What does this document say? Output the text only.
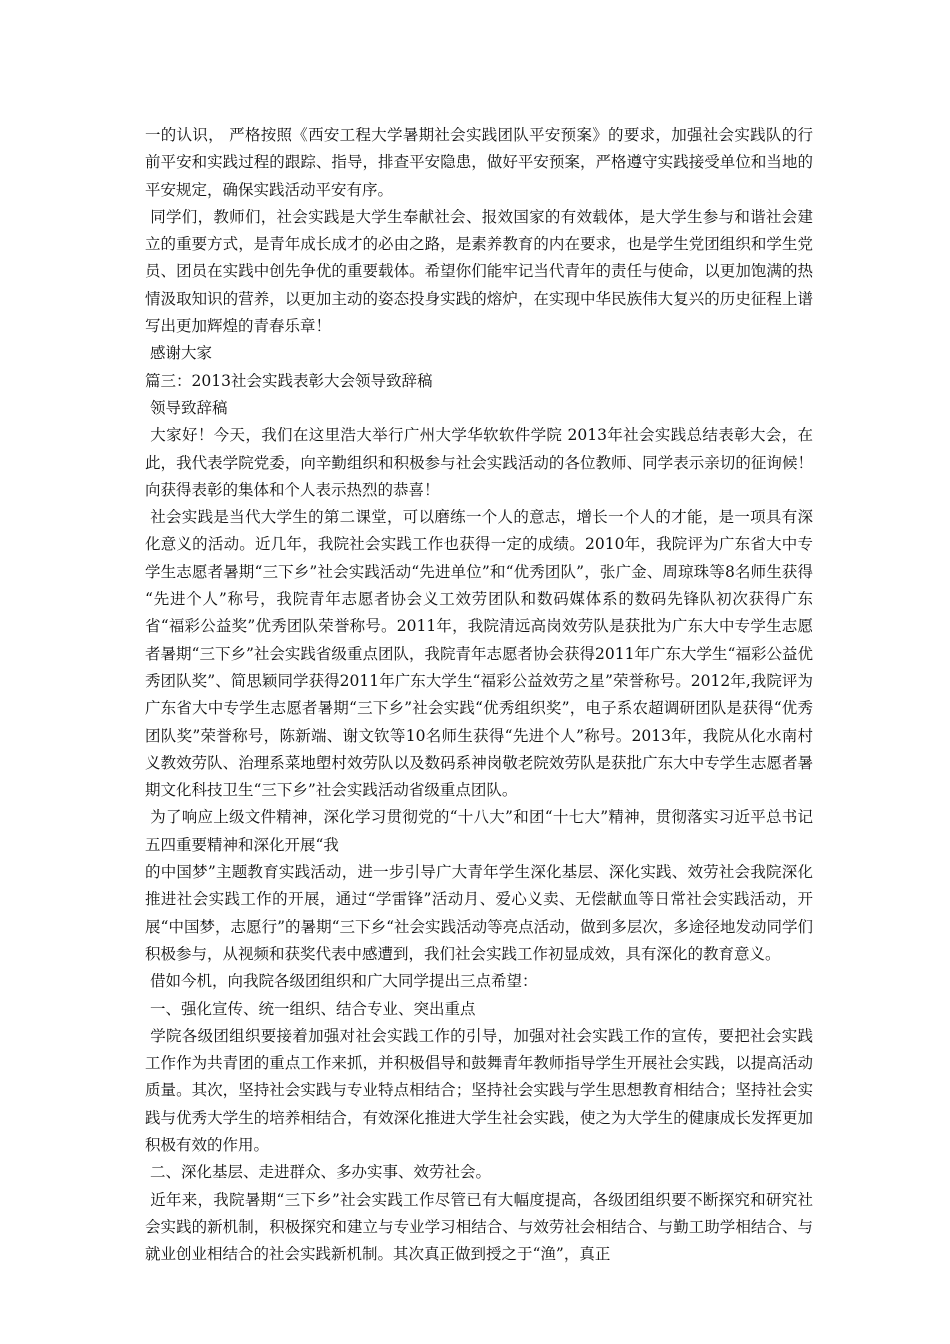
一的认识， 严格按照《西安工程大学暑期社会实践团队平安预案》的要求，加强社会实践队的行前平安和实践过程的跟踪、指导，排查平安隐患，做好平安预案，严格遵守实践接受单位和当地的平安规定，确保实践活动平安有序。

同学们，教师们，社会实践是大学生奉献社会、报效国家的有效载体，是大学生参与和谐社会建立的重要方式，是青年成长成才的必由之路，是素养教育的内在要求，也是学生党团组织和学生党员、团员在实践中创先争优的重要载体。希望你们能牢记当代青年的责任与使命，以更加饱满的热情汲取知识的营养，以更加主动的姿态投身实践的熔炉，在实现中华民族伟大复兴的历史征程上谱写出更加辉煌的青春乐章！

感谢大家

篇三：2013社会实践表彰大会领导致辞稿

领导致辞稿

大家好！今天，我们在这里浩大举行广州大学华软软件学院 2013年社会实践总结表彰大会，在此，我代表学院党委，向辛勤组织和积极参与社会实践活动的各位教师、同学表示亲切的征询候！向获得表彰的集体和个人表示热烈的恭喜！

社会实践是当代大学生的第二课堂，可以磨练一个人的意志，增长一个人的才能，是一项具有深化意义的活动。近几年，我院社会实践工作也获得一定的成绩。2010年，我院评为广东省大中专学生志愿者暑期“三下乡”社会实践活动“先进单位”和“优秀团队”，张广金、周琼珠等8名师生获得 “先进个人”称号，我院青年志愿者协会义工效劳团队和数码媒体系的数码先锋队初次获得广东省“福彩公益奖”优秀团队荣誉称号。2011年，我院清远高岗效劳队是获批为广东大中专学生志愿者暑期“三下乡”社会实践省级重点团队，我院青年志愿者协会获得2011年广东大学生“福彩公益优秀团队奖”、简思颖同学获得2011年广东大学生“福彩公益效劳之星”荣誉称号。2012年,我院评为广东省大中专学生志愿者暑期“三下乡”社会实践“优秀组织奖”，电子系农超调研团队是获得“优秀团队奖”荣誉称号，陈新端、谢文钦等10名师生获得“先进个人”称号。2013年，我院从化水南村义教效劳队、治理系菜地塱村效劳队以及数码系神岗敬老院效劳队是获批广东大中专学生志愿者暑期文化科技卫生“三下乡”社会实践活动省级重点团队。

为了响应上级文件精神，深化学习贯彻党的“十八大”和团“十七大”精神，贯彻落实习近平总书记五四重要精神和深化开展“我

的中国梦”主题教育实践活动，进一步引导广大青年学生深化基层、深化实践、效劳社会我院深化推进社会实践工作的开展，通过“学雷锋”活动月、爱心义卖、无偿献血等日常社会实践活动，开展“中国梦，志愿行”的暑期“三下乡“社会实践活动等亮点活动，做到多层次，多途径地发动同学们积极参与，从视频和获奖代表中感遭到，我们社会实践工作初显成效，具有深化的教育意义。

借如今机，向我院各级团组织和广大同学提出三点希望：

一、强化宣传、统一组织、结合专业、突出重点

学院各级团组织要接着加强对社会实践工作的引导，加强对社会实践工作的宣传，要把社会实践工作作为共青团的重点工作来抓，并积极倡导和鼓舞青年教师指导学生开展社会实践，以提高活动质量。其次，坚持社会实践与专业特点相结合；坚持社会实践与学生思想教育相结合；坚持社会实践与优秀大学生的培养相结合，有效深化推进大学生社会实践，使之为大学生的健康成长发挥更加积极有效的作用。

二、深化基层、走进群众、多办实事、效劳社会。

近年来，我院暑期“三下乡”社会实践工作尽管已有大幅度提高，各级团组织要不断探究和研究社会实践的新机制，积极探究和建立与专业学习相结合、与效劳社会相结合、与勤工助学相结合、与就业创业相结合的社会实践新机制。其次真正做到授之于“渔”，真正
